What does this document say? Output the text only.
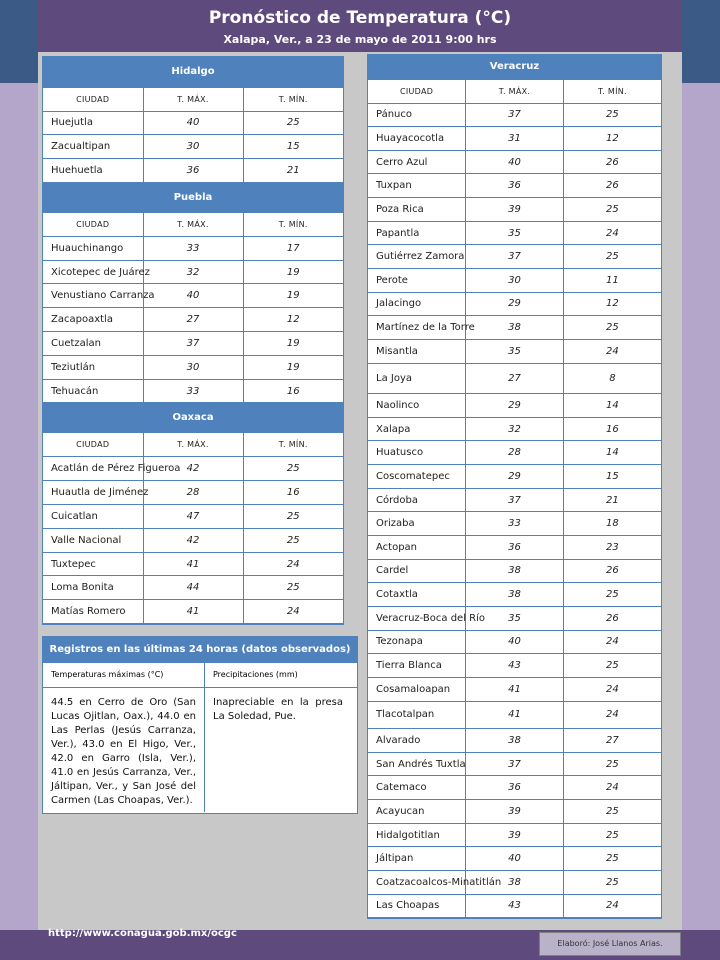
Pronóstico de Temperatura (°C)
Xalapa, Ver., a 23 de mayo de 2011 9:00 hrs
Hidalgo		
CIUDAD	T. MÁX.	T. MÍN.
Huejutla	40	25
Zacualtipan	30	15
Huehuetla	36	21
Puebla		
CIUDAD	T. MÁX.	T. MÍN.
Huauchinango	33	17
Xicotepec de Juárez	32	19
Venustiano Carranza	40	19
Zacapoaxtla	27	12
Cuetzalan	37	19
Teziutlán	30	19
Tehuacán	33	16
Oaxaca		
CIUDAD	T. MÁX.	T. MÍN.
Acatlán de Pérez Figueroa	42	25
Huautla de Jiménez	28	16
Cuicatlan	47	25
Valle Nacional	42	25
Tuxtepec	41	24
Loma Bonita	44	25
Matías Romero	41	24
Veracruz		
CIUDAD	T. MÁX.	T. MÍN.
Pánuco	37	25
Huayacocotla	31	12
Cerro Azul	40	26
Tuxpan	36	26
Poza Rica	39	25
Papantla	35	24
Gutiérrez Zamora	37	25
Perote	30	11
Jalacingo	29	12
Martínez de la Torre	38	25
Misantla	35	24
La Joya	27	8
Naolinco	29	14
Xalapa	32	16
Huatusco	28	14
Coscomatepec	29	15
Córdoba	37	21
Orizaba	33	18
Actopan	36	23
Cardel	38	26
Cotaxtla	38	25
Veracruz-Boca del Río	35	26
Tezonapa	40	24
Tierra Blanca	43	25
Cosamaloapan	41	24
Tlacotalpan	41	24
Alvarado	38	27
San Andrés Tuxtla	37	25
Catemaco	36	24
Acayucan	39	25
Hidalgotitlan	39	25
Jáltipan	40	25
Coatzacoalcos-Minatitlán	38	25
Las Choapas	43	24
Registros en las últimas 24 horas (datos observados)
Temperaturas máximas (°C)	Precipitaciones (mm)
44.5 en Cerro de Oro (San Lucas Ojitlan, Oax.), 44.0 en Las Perlas (Jesús Carranza, Ver.), 43.0 en El Higo, Ver., 42.0 en Garro (Isla, Ver.), 41.0 en Jesús Carranza, Ver., Jáltipan, Ver., y San José del Carmen (Las Choapas, Ver.).
Inapreciable en la presa La Soledad, Pue.
http://www.conagua.gob.mx/ocgc
Elaboró: José Llanos Arias.
